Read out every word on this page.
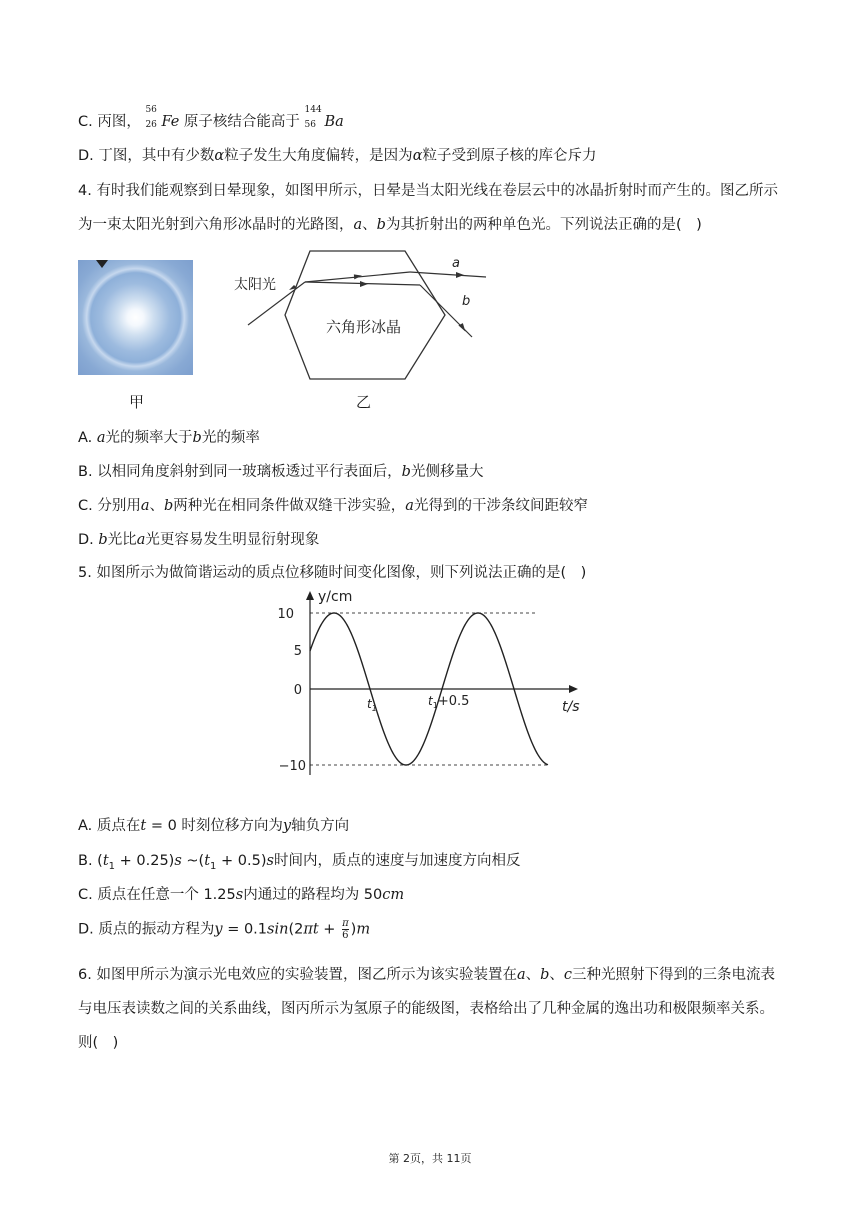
C. 丙图，
56
26 Fe 原子核结合能高于
144
56 Ba
D. 丁图，其中有少数α粒子发生大角度偏转，是因为α粒子受到原子核的库仑斥力
4. 有时我们能观察到日晕现象，如图甲所示，日晕是当太阳光线在卷层云中的冰晶折射时而产生的。图乙所示为一束太阳光射到六角形冰晶时的光路图，a、b为其折射出的两种单色光。下列说法正确的是(　)
甲
a
b
太阳光
六角形冰晶
乙
A. a光的频率大于b光的频率
B. 以相同角度斜射到同一玻璃板透过平行表面后，b光侧移量大
C. 分别用a、b两种光在相同条件做双缝干涉实验，a光得到的干涉条纹间距较窄
D. b光比a光更容易发生明显衍射现象
5. 如图所示为做简谐运动的质点位移随时间变化图像，则下列说法正确的是(　)
y/cm
t/s
10
5
0
−10
$t_1$
$t_1+0.5$
A. 质点在t = 0 时刻位移方向为y轴负方向
B. $(t_1 + 0.25)s$ $\sim(t_1 + 0.5)s$时间内，质点的速度与加速度方向相反
C. 质点在任意一个 1.25s内通过的路程均为 50cm
D. 质点的振动方程为$y = 0.1\sin(2\pi t + \frac{\pi}{6} )m$
6. 如图甲所示为演示光电效应的实验装置，图乙所示为该实验装置在a、b、c三种光照射下得到的三条电流表与电压表读数之间的关系曲线，图丙所示为氢原子的能级图，表格给出了几种金属的逸出功和极限频率关系。则(　)
第 2页，共 11页
